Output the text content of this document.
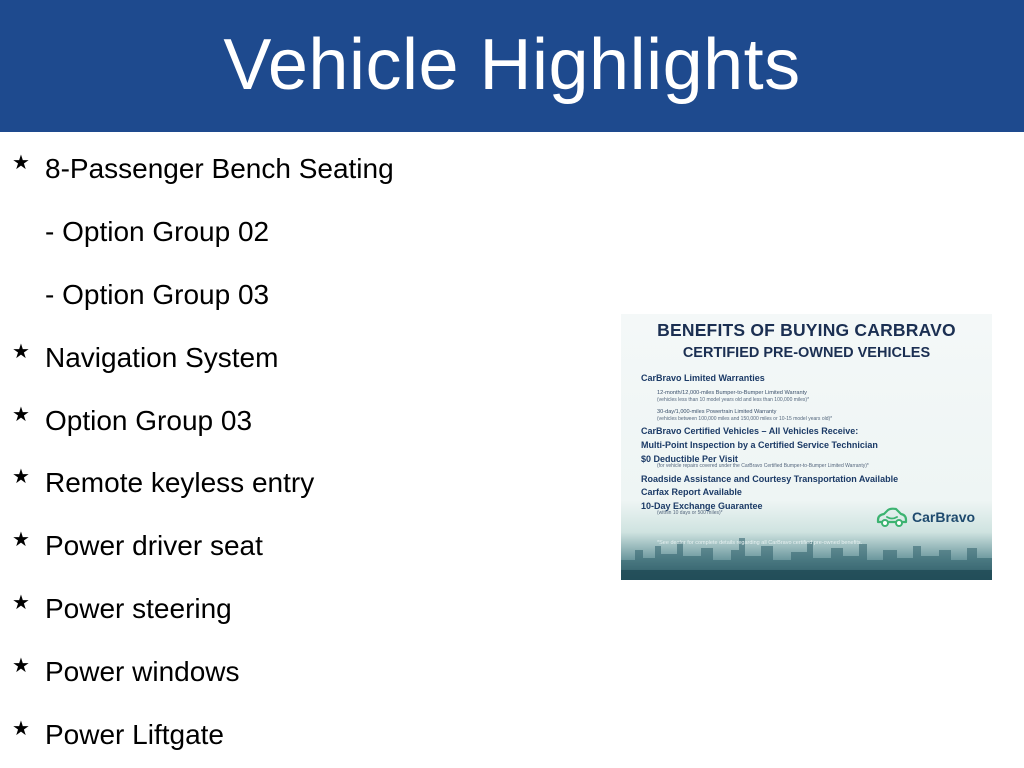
Vehicle Highlights
★ 8-Passenger Bench Seating
- Option Group 02
- Option Group 03
★ Navigation System
★ Option Group 03
★ Remote keyless entry
★ Power driver seat
★ Power steering
★ Power windows
★ Power Liftgate
BENEFITS OF BUYING CARBRAVO
CERTIFIED PRE-OWNED VEHICLES
CarBravo Limited Warranties
12-month/12,000-miles Bumper-to-Bumper Limited Warranty
(vehicles less than 10 model years old and less than 100,000 miles)*
30-day/1,000-miles Powertrain Limited Warranty
(vehicles between 100,000 miles and 150,000 miles or 10-15 model years old)*
CarBravo Certified Vehicles – All Vehicles Receive:
Multi-Point Inspection by a Certified Service Technician
$0 Deductible Per Visit
(for vehicle repairs covered under the CarBravo Certified Bumper-to-Bumper Limited Warranty)*
Roadside Assistance and Courtesy Transportation Available
Carfax Report Available
10-Day Exchange Guarantee
(within 10 days or 500 miles)*	CarBravo
*See dealer for complete details regarding all CarBravo certified pre-owned benefits.
